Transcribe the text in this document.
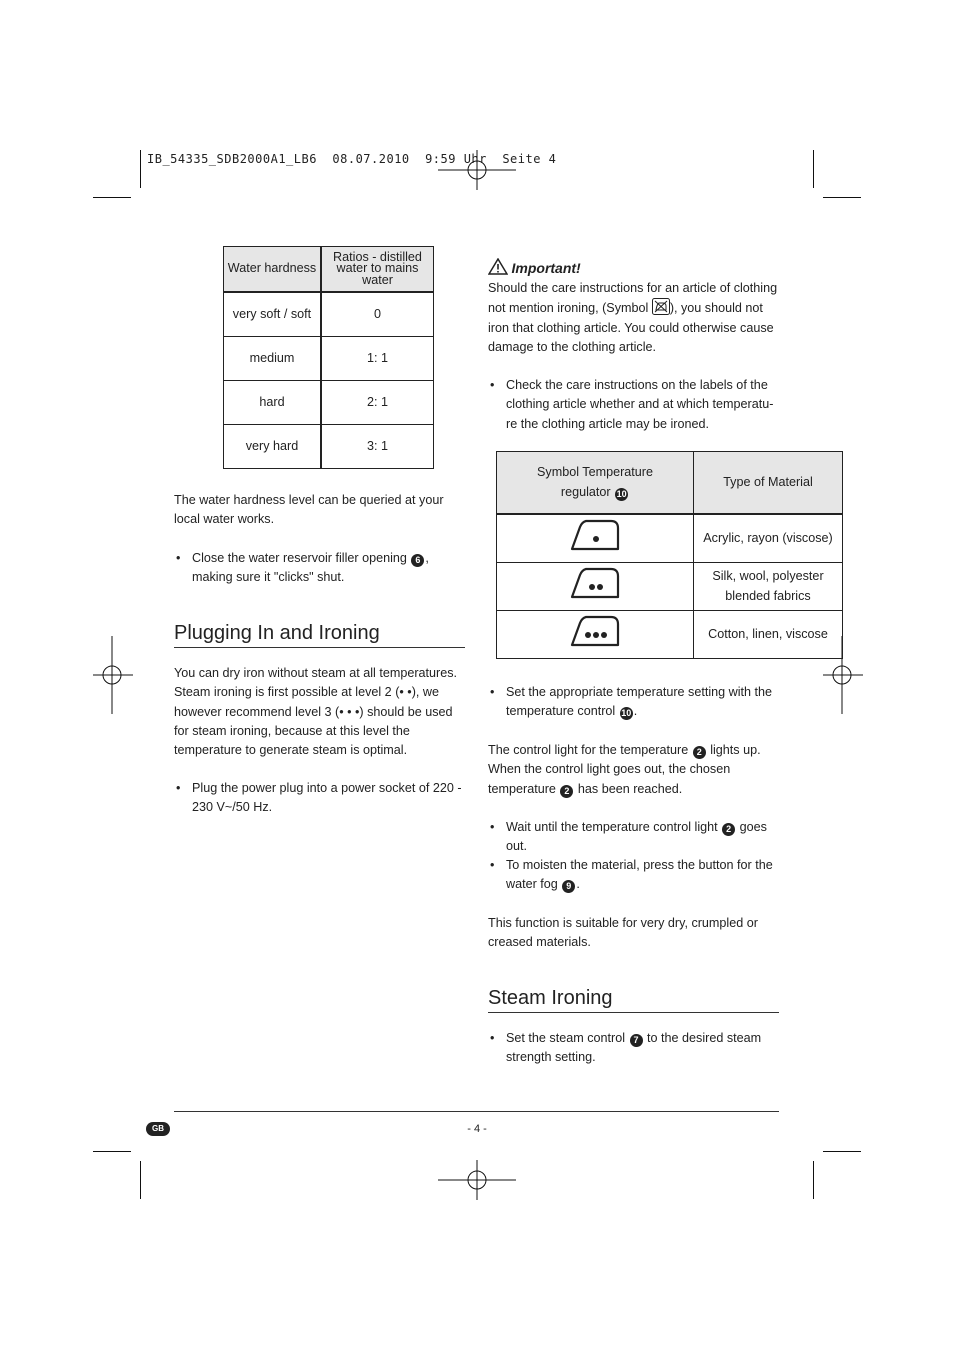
IB_54335_SDB2000A1_LB6  08.07.2010  9:59 Uhr  Seite 4
Water hardness	Ratios - distilled water to mains water
very soft / soft	0
medium	1: 1
hard	2: 1
very hard	3: 1
The water hardness level can be queried at your local water works.
• Close the water reservoir filler opening 6 , making sure it "clicks" shut.
Plugging In and Ironing
You can dry iron without steam at all temperatures. Steam ironing is first possible at level 2 (• •), we however recommend level 3 (• • •) should be used for steam ironing, because at this level the temperature to generate steam is optimal.
• Plug the power plug into a power socket of 220 - 230 V~/50 Hz.
Important!
Should the care instructions for an article of clothing not mention ironing, (Symbol ), you should not iron that clothing article. You could otherwise cause damage to the clothing article.
• Check the care instructions on the labels of the clothing article whether and at which temperatu-re the clothing article may be ironed.
Symbol Temperature regulator 10	Type of Material
	Acrylic, rayon (viscose)
	Silk, wool, polyester blended fabrics
	Cotton, linen, viscose
• Set the appropriate temperature setting with the temperature control 10 .
The control light for the temperature 2 lights up. When the control light goes out, the chosen temperature 2 has been reached.
• Wait until the temperature control light 2 goes out.
• To moisten the material, press the button for the water fog 9 .
This function is suitable for very dry, crumpled or creased materials.
Steam Ironing
• Set the steam control 7 to the desired steam strength setting.
GB	- 4 -
